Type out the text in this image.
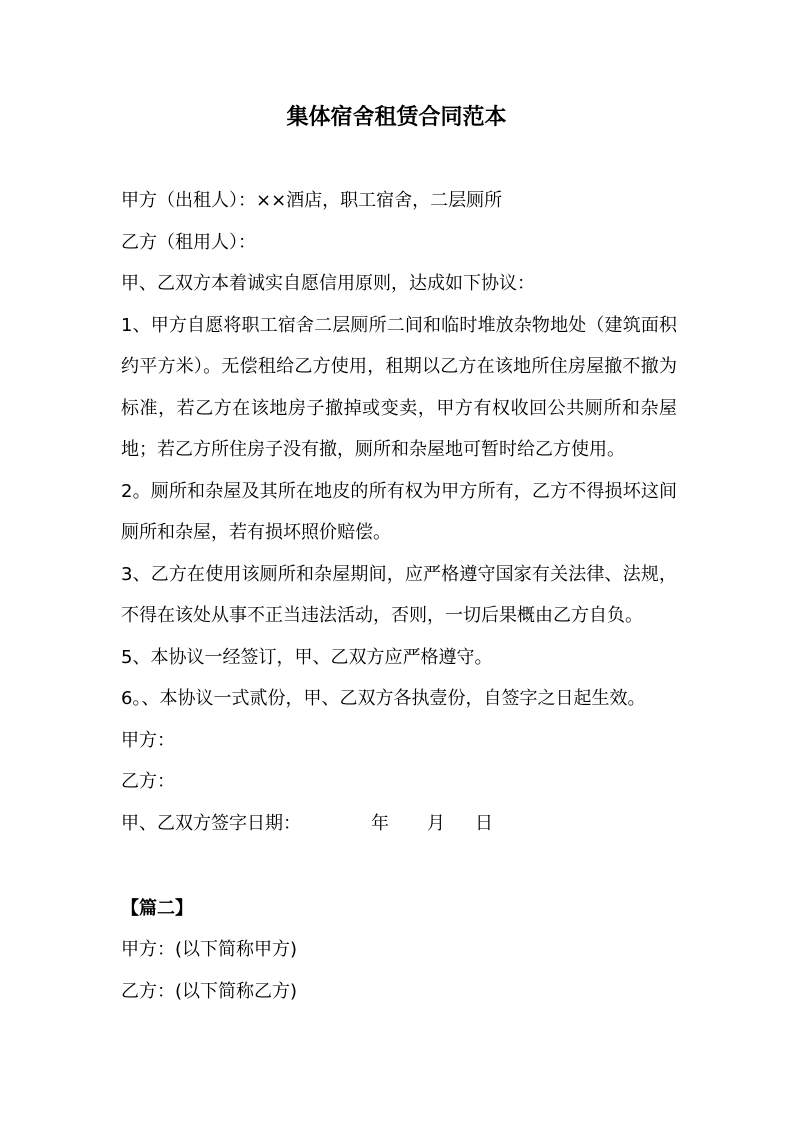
集体宿舍租赁合同范本

甲方（出租人）：××酒店，职工宿舍，二层厕所

乙方（租用人）：

甲、乙双方本着诚实自愿信用原则，达成如下协议：

1、甲方自愿将职工宿舍二层厕所二间和临时堆放杂物地处（建筑面积约平方米）。无偿租给乙方使用，租期以乙方在该地所住房屋撤不撤为标准，若乙方在该地房子撤掉或变卖，甲方有权收回公共厕所和杂屋地；若乙方所住房子没有撤，厕所和杂屋地可暂时给乙方使用。

2。厕所和杂屋及其所在地皮的所有权为甲方所有，乙方不得损坏这间厕所和杂屋，若有损坏照价赔偿。

3、乙方在使用该厕所和杂屋期间，应严格遵守国家有关法律、法规，不得在该处从事不正当违法活动，否则，一切后果概由乙方自负。

5、本协议一经签订，甲、乙双方应严格遵守。

6。、本协议一式贰份，甲、乙双方各执壹份，自签字之日起生效。

甲方：

乙方：

甲、乙双方签字日期：	年 月 日

【篇二】

甲方：(以下简称甲方)

乙方：(以下简称乙方)
